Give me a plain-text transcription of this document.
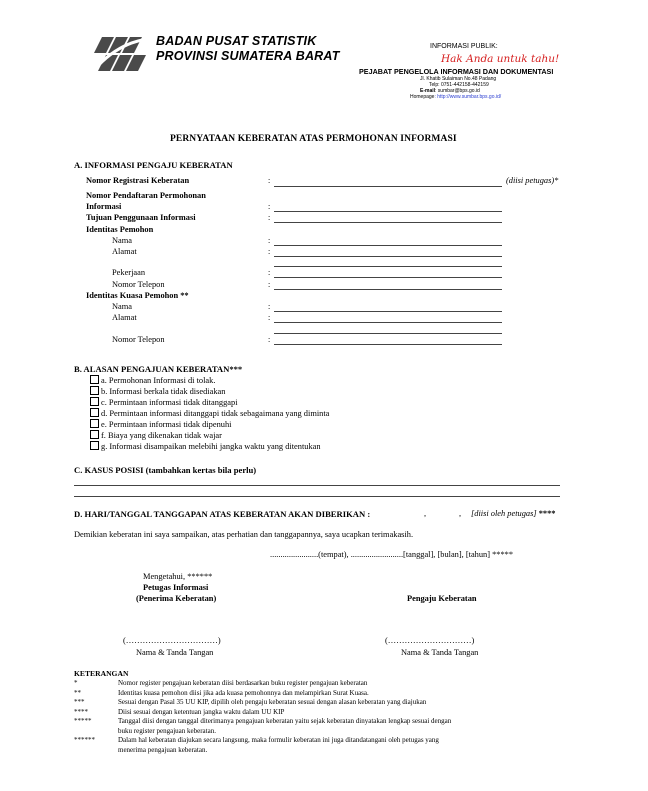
BADAN PUSAT STATISTIK
PROVINSI SUMATERA BARAT
INFORMASI PUBLIK:
Hak Anda untuk tahu!
PEJABAT PENGELOLA INFORMASI DAN DOKUMENTASI
Jl. Khatib Sulaiman No.48 Padang
Telp: 0751-442158-442159
E-mail: sumbar@bps.go.id
Homepage: http://www.sumbar.bps.go.id/
PERNYATAAN KEBERATAN ATAS PERMOHONAN INFORMASI
A. INFORMASI PENGAJU KEBERATAN
Nomor Registrasi Keberatan	:	(diisi petugas)*
Nomor Pendaftaran Permohonan
Informasi	:
Tujuan Penggunaan Informasi	:
Identitas Pemohon
Nama	:
Alamat	:
Pekerjaan	:
Nomor Telepon	:
Identitas Kuasa Pemohon **
Nama	:
Alamat	:
Nomor Telepon	:
B. ALASAN PENGAJUAN KEBERATAN***
a. Permohonan Informasi di tolak.
b. Informasi berkala tidak disediakan
c. Permintaan informasi tidak ditanggapi
d. Permintaan informasi ditanggapi tidak sebagaimana yang diminta
e. Permintaan informasi tidak dipenuhi
f. Biaya yang dikenakan tidak wajar
g. Informasi disampaikan melebihi jangka waktu yang ditentukan
C. KASUS POSISI (tambahkan kertas bila perlu)
D. HARI/TANGGAL TANGGAPAN ATAS KEBERATAN AKAN DIBERIKAN :	,	, [diisi oleh petugas] ****
Demikian keberatan ini saya sampaikan, atas perhatian dan tanggapannya, saya ucapkan terimakasih.
.......................(tempat), .........................[tanggal], [bulan], [tahun] *****
Mengetahui, ******
Petugas Informasi
(Penerima Keberatan)	Pengaju Keberatan
(……………………………)
Nama & Tanda Tangan
(…………………………)
Nama & Tanda Tangan
KETERANGAN
*	Nomor register pengajuan keberatan diisi berdasarkan buku register pengajuan keberatan
**	Identitas kuasa pemohon diisi jika ada kuasa pemohonnya dan melampirkan Surat Kuasa.
***	Sesuai dengan Pasal 35 UU KIP, dipilih oleh pengaju keberatan sesuai dengan alasan keberatan yang diajukan
****	Diisi sesuai dengan ketentuan jangka waktu dalam UU KIP
*****	Tanggal diisi dengan tanggal diterimanya pengajuan keberatan yaitu sejak keberatan dinyatakan lengkap sesuai dengan
buku register pengajuan keberatan.
******	Dalam hal keberatan diajukan secara langsung, maka formulir keberatan ini juga ditandatangani oleh petugas yang
menerima pengajuan keberatan.
